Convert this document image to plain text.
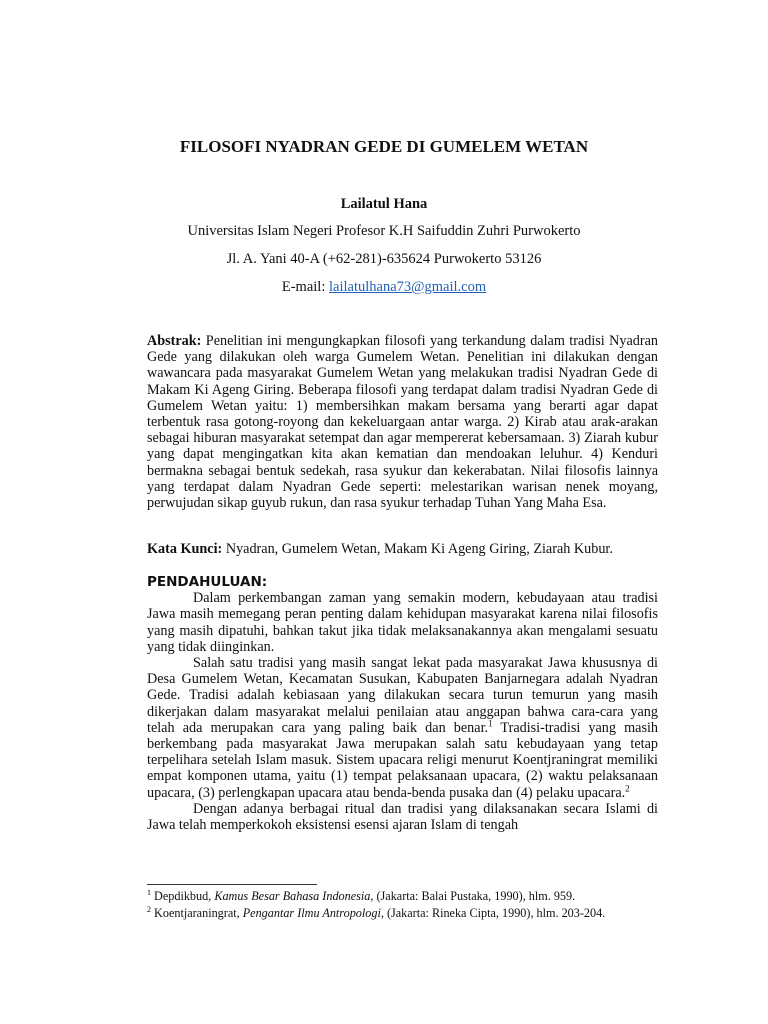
FILOSOFI NYADRAN GEDE DI GUMELEM WETAN
Lailatul Hana
Universitas Islam Negeri Profesor K.H Saifuddin Zuhri Purwokerto
Jl. A. Yani 40-A (+62-281)-635624 Purwokerto 53126
E-mail: lailatulhana73@gmail.com

Abstrak: Penelitian ini mengungkapkan filosofi yang terkandung dalam tradisi Nyadran Gede yang dilakukan oleh warga Gumelem Wetan. Penelitian ini dilakukan dengan wawancara pada masyarakat Gumelem Wetan yang melakukan tradisi Nyadran Gede di Makam Ki Ageng Giring. Beberapa filosofi yang terdapat dalam tradisi Nyadran Gede di Gumelem Wetan yaitu: 1) membersihkan makam bersama yang berarti agar dapat terbentuk rasa gotong-royong dan kekeluargaan antar warga. 2) Kirab atau arak-arakan sebagai hiburan masyarakat setempat dan agar mempererat kebersamaan. 3) Ziarah kubur yang dapat mengingatkan kita akan kematian dan mendoakan leluhur. 4) Kenduri bermakna sebagai bentuk sedekah, rasa syukur dan kekerabatan. Nilai filosofis lainnya yang terdapat dalam Nyadran Gede seperti: melestarikan warisan nenek moyang, perwujudan sikap guyub rukun, dan rasa syukur terhadap Tuhan Yang Maha Esa.

Kata Kunci: Nyadran, Gumelem Wetan, Makam Ki Ageng Giring, Ziarah Kubur.

PENDAHULUAN:

Dalam perkembangan zaman yang semakin modern, kebudayaan atau tradisi Jawa masih memegang peran penting dalam kehidupan masyarakat karena nilai filosofis yang masih dipatuhi, bahkan takut jika tidak melaksanakannya akan mengalami sesuatu yang tidak diinginkan.

Salah satu tradisi yang masih sangat lekat pada masyarakat Jawa khususnya di Desa Gumelem Wetan, Kecamatan Susukan, Kabupaten Banjarnegara adalah Nyadran Gede. Tradisi adalah kebiasaan yang dilakukan secara turun temurun yang masih dikerjakan dalam masyarakat melalui penilaian atau anggapan bahwa cara-cara yang telah ada merupakan cara yang paling baik dan benar.$^1$ Tradisi-tradisi yang masih berkembang pada masyarakat Jawa merupakan salah satu kebudayaan yang tetap terpelihara setelah Islam masuk. Sistem upacara religi menurut Koentjraningrat memiliki empat komponen utama, yaitu (1) tempat pelaksanaan upacara, (2) waktu pelaksanaan upacara, (3) perlengkapan upacara atau benda-benda pusaka dan (4) pelaku upacara.$^2$

Dengan adanya berbagai ritual dan tradisi yang dilaksanakan secara Islami di Jawa telah memperkokoh eksistensi esensi ajaran Islam di tengah

$^1$ Depdikbud, Kamus Besar Bahasa Indonesia, (Jakarta: Balai Pustaka, 1990), hlm. 959.
$^2$ Koentjaraningrat, Pengantar Ilmu Antropologi, (Jakarta: Rineka Cipta, 1990), hlm. 203-204.
